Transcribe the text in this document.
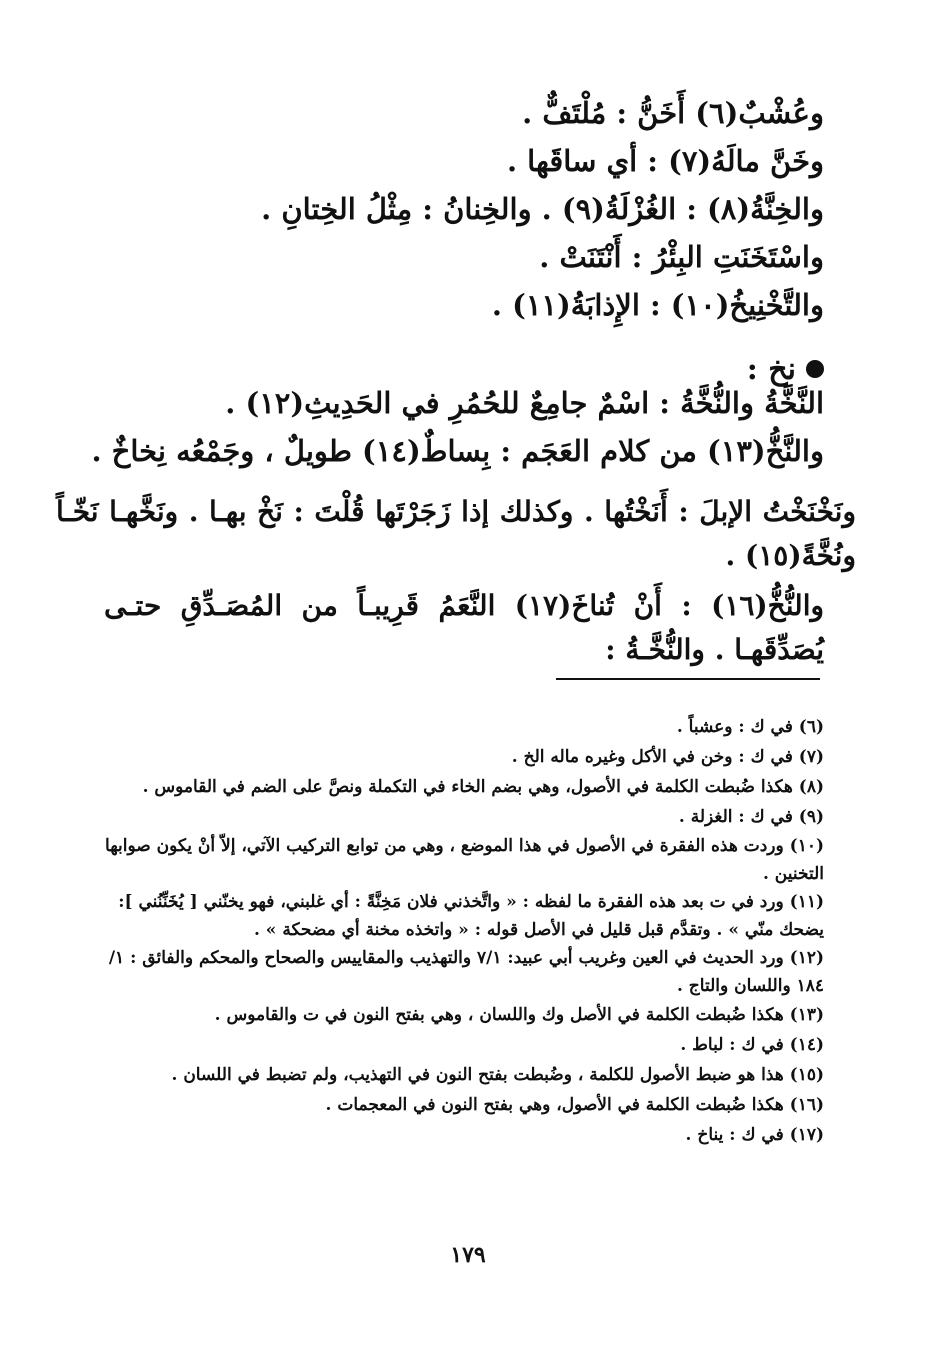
وعُشْبٌ(٦) أَخَنُّ : مُلْتَفٌّ .
وخَنَّ مالَهُ(٧) : أي ساقَها .
والخِنَّةُ(٨) : الغُزْلَةُ(٩) . والخِنانُ : مِثْلُ الخِتانِ .
واسْتَخَنَتِ البِئْرُ : أَنْتَنَتْ .
والتَّخْنِيخُ(١٠) : الإِذابَةُ(١١) .
نخ :
النَّخَّةُ والنُّخَّةُ : اسْمٌ جامِعٌ للحُمُرِ في الحَدِيثِ(١٢) .
والنَّخُّ(١٣) من كلام العَجَم : بِساطٌ(١٤) طويلٌ ، وجَمْعُه نِخاخٌ .
ونَخْنَخْتُ الإبلَ : أَنَخْتُها . وكذلك إذا زَجَرْتَها قُلْتَ : نَخْ بهـا . ونَخَّهـا نَخّـاً ونُخَّةً(١٥) .
والنُّخُّ(١٦) : أَنْ تُناخَ(١٧) النَّعَمُ قَرِيبـاً من المُصَـدِّقِ حتـى يُصَدِّقَهـا . والنُّخَّـةُ :
(٦) في ك : وعشباً .
(٧) في ك : وخن في الأكل وغيره ماله الخ .
(٨) هكذا ضُبطت الكلمة في الأصول، وهي بضم الخاء في التكملة ونصَّ على الضم في القاموس .
(٩) في ك : الغزلة .
(١٠) وردت هذه الفقرة في الأصول في هذا الموضع ، وهي من توابع التركيب الآتي، إلاّ أنْ يكون صوابها التخنين .
(١١) ورد في ت بعد هذه الفقرة ما لفظه : « واتَّخذني فلان مَخِنَّةً : أي غلبني، فهو يخنّني [ يُخَنِّنُني ]: يضحك منّي » . وتقدَّم قبل قليل في الأصل قوله : « واتخذه مخنة أي مضحكة » .
(١٢) ورد الحديث في العين وغريب أبي عبيد: ٧/١ والتهذيب والمقاييس والصحاح والمحكم والفائق : ١/ ١٨٤ واللسان والتاج .
(١٣) هكذا ضُبطت الكلمة في الأصل وك واللسان ، وهي بفتح النون في ت والقاموس .
(١٤) في ك : لباط .
(١٥) هذا هو ضبط الأصول للكلمة ، وضُبطت بفتح النون في التهذيب، ولم تضبط في اللسان .
(١٦) هكذا ضُبطت الكلمة في الأصول، وهي بفتح النون في المعجمات .
(١٧) في ك : يناخ .
١٧٩
